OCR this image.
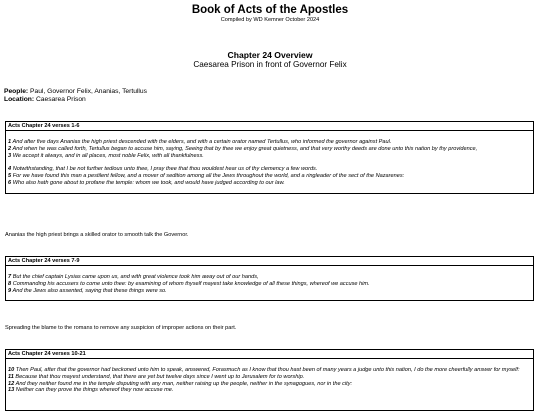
Book of Acts of the Apostles
Compiled by WD Kemner October 2024
Chapter 24 Overview
Caesarea Prison in front of Governor Felix
People: Paul, Governor Felix, Ananias, Tertullus
Location: Caesarea Prison
Acts Chapter 24 verses 1-6
1 And after five days Ananias the high priest descended with the elders, and with a certain orator named Tertullus, who informed the governor against Paul.
2 And when he was called forth, Tertullus began to accuse him, saying, Seeing that by thee we enjoy great quietness, and that very worthy deeds are done unto this nation by thy providence,
3 We accept it always, and in all places, most noble Felix, with all thankfulness.
4 Notwithstanding, that I be not further tedious unto thee, I pray thee that thou wouldest hear us of thy clemency a few words.
5 For we have found this man a pestilent fellow, and a mover of sedition among all the Jews throughout the world, and a ringleader of the sect of the Nazarenes:
6 Who also hath gone about to profane the temple: whom we took, and would have judged according to our law.
Ananias the high priest brings a skilled orator to smooth talk the Governor.
Acts Chapter 24 verses 7-9
7 But the chief captain Lysias came upon us, and with great violence took him away out of our hands,
8 Commanding his accusers to come unto thee: by examining of whom thyself mayest take knowledge of all these things, whereof we accuse him.
9 And the Jews also assented, saying that these things were so.
Spreading the blame to the romans to remove any suspicion of improper actions on their part.
Acts Chapter 24 verses 10-21
10 Then Paul, after that the governor had beckoned unto him to speak, answered, Forasmuch as I know that thou hast been of many years a judge unto this nation, I do the more cheerfully answer for myself:
11 Because that thou mayest understand, that there are yet but twelve days since I went up to Jerusalem for to worship.
12 And they neither found me in the temple disputing with any man, neither raising up the people, neither in the synagogues, nor in the city:
13 Neither can they prove the things whereof they now accuse me.
